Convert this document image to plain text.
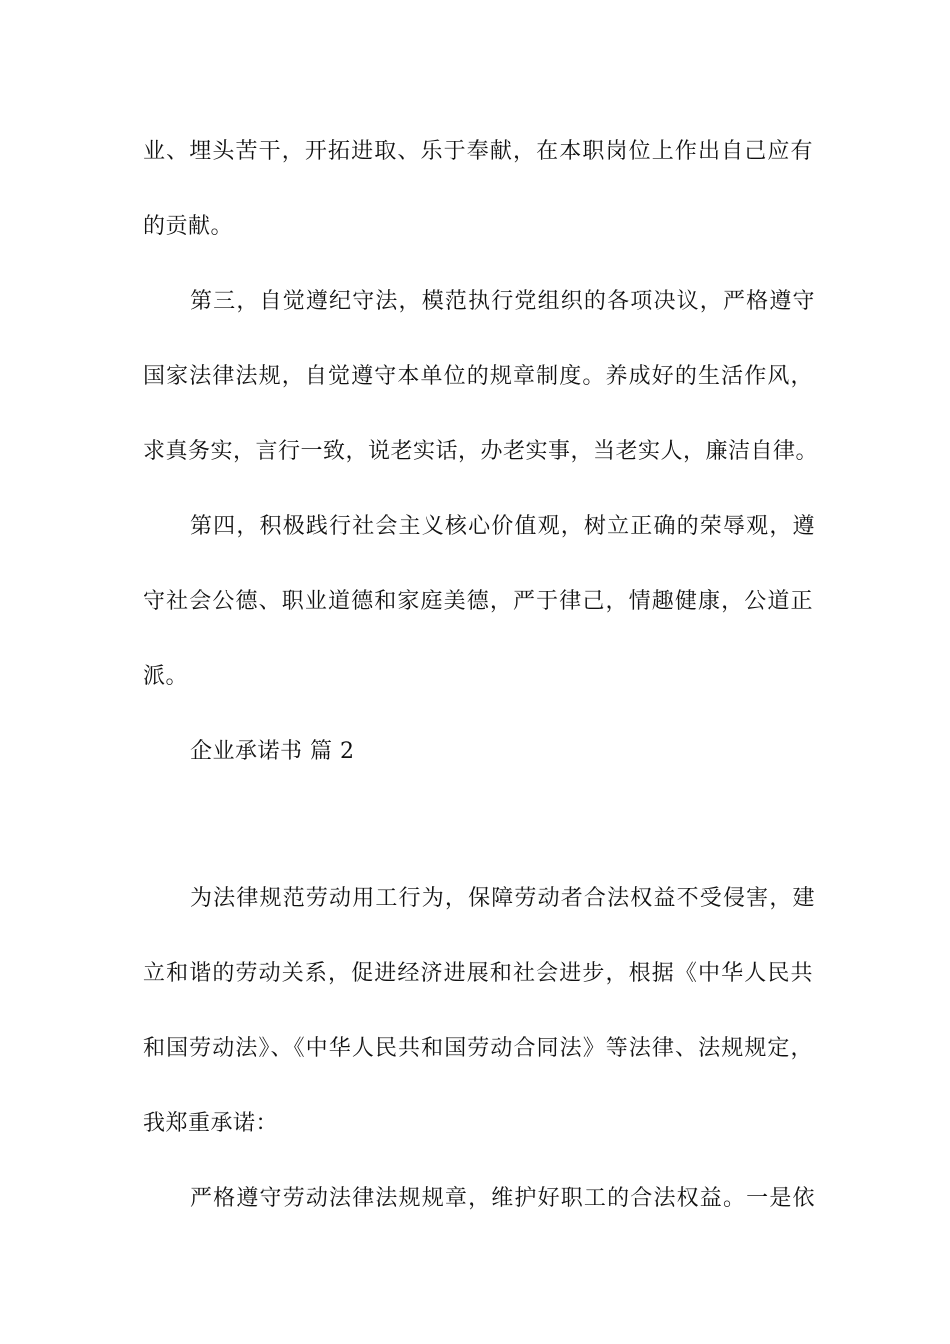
业、埋头苦干，开拓进取、乐于奉献，在本职岗位上作出自己应有
的贡献。
第三，自觉遵纪守法，模范执行党组织的各项决议，严格遵守
国家法律法规，自觉遵守本单位的规章制度。养成好的生活作风，
求真务实，言行一致，说老实话，办老实事，当老实人，廉洁自律。
第四，积极践行社会主义核心价值观，树立正确的荣辱观，遵
守社会公德、职业道德和家庭美德，严于律己，情趣健康，公道正
派。
企业承诺书 篇 2
为法律规范劳动用工行为，保障劳动者合法权益不受侵害，建
立和谐的劳动关系，促进经济进展和社会进步，根据《中华人民共
和国劳动法》、《中华人民共和国劳动合同法》等法律、法规规定，
我郑重承诺：
严格遵守劳动法律法规规章，维护好职工的合法权益。一是依
